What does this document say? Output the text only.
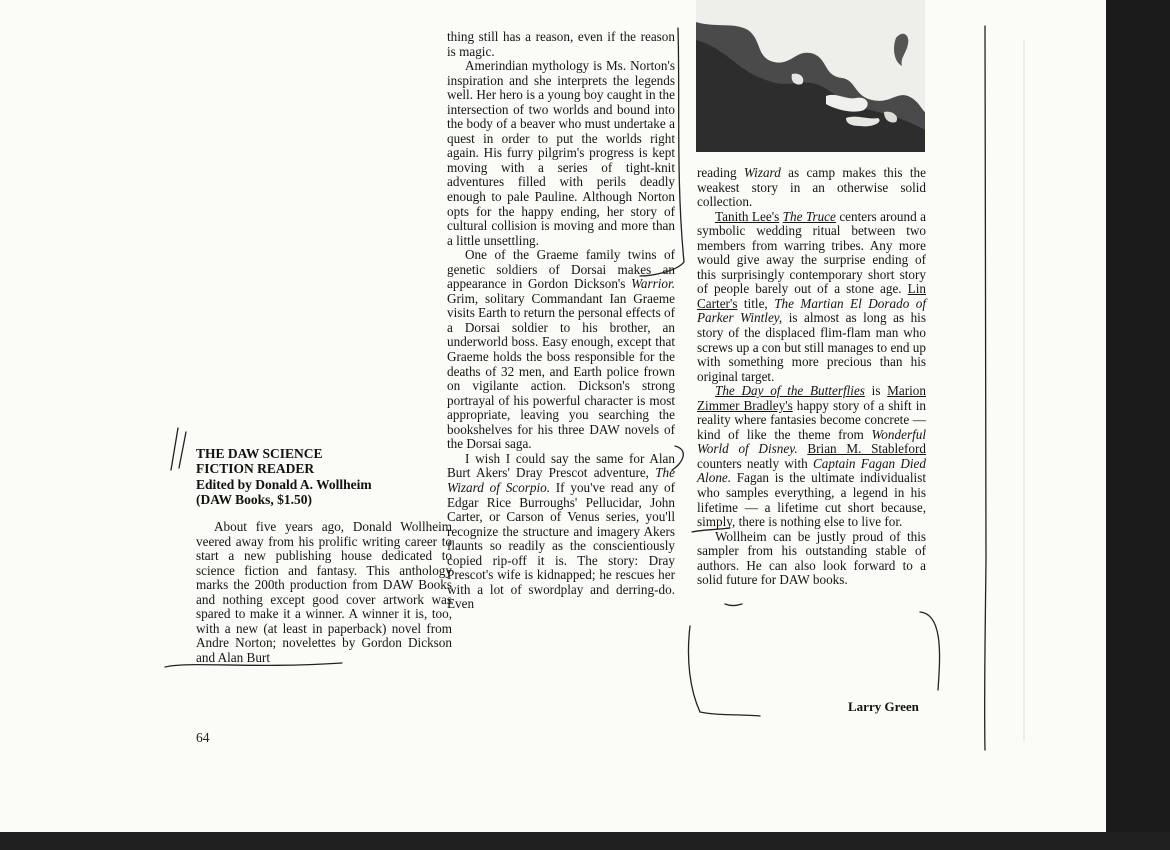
THE DAW SCIENCE
FICTION READER
Edited by Donald A. Wollheim
(DAW Books, $1.50)

About five years ago, Donald Wollheim veered away from his prolific writing career to start a new publishing house dedicated to science fiction and fantasy. This anthology marks the 200th production from DAW Books and nothing except good cover artwork was spared to make it a winner. A winner it is, too, with a new (at least in paperback) novel from Andre Norton; novelettes by Gordon Dickson and Alan Burt

thing still has a reason, even if the reason is magic.

Amerindian mythology is Ms. Norton's inspiration and she interprets the legends well. Her hero is a young boy caught in the intersection of two worlds and bound into the body of a beaver who must undertake a quest in order to put the worlds right again. His furry pilgrim's progress is kept moving with a series of tight-knit adventures filled with perils deadly enough to pale Pauline. Although Norton opts for the happy ending, her story of cultural collision is moving and more than a little unsettling.

One of the Graeme family twins of genetic soldiers of Dorsai makes an appearance in Gordon Dickson's Warrior. Grim, solitary Commandant Ian Graeme visits Earth to return the personal effects of a Dorsai soldier to his brother, an underworld boss. Easy enough, except that Graeme holds the boss responsible for the deaths of 32 men, and Earth police frown on vigilante action. Dickson's strong portrayal of his powerful character is most appropriate, leaving you searching the bookshelves for his three DAW novels of the Dorsai saga.

I wish I could say the same for Alan Burt Akers' Dray Prescot adventure, The Wizard of Scorpio. If you've read any of Edgar Rice Burroughs' Pellucidar, John Carter, or Carson of Venus series, you'll recognize the structure and imagery Akers flaunts so readily as the conscientiously copied rip-off it is. The story: Dray Prescot's wife is kidnapped; he rescues her with a lot of swordplay and derring-do. Even

reading Wizard as camp makes this the weakest story in an otherwise solid collection.

Tanith Lee's The Truce centers around a symbolic wedding ritual between two members from warring tribes. Any more would give away the surprise ending of this surprisingly contemporary short story of people barely out of a stone age. Lin Carter's title, The Martian El Dorado of Parker Wintley, is almost as long as his story of the displaced flim-flam man who screws up a con but still manages to end up with something more precious than his original target.

The Day of the Butterflies is Marion Zimmer Bradley's happy story of a shift in reality where fantasies become concrete — kind of like the theme from Wonderful World of Disney. Brian M. Stableford counters neatly with Captain Fagan Died Alone. Fagan is the ultimate individualist who samples everything, a legend in his lifetime — a lifetime cut short because, simply, there is nothing else to live for.

Wollheim can be justly proud of this sampler from his outstanding stable of authors. He can also look forward to a solid future for DAW books.

Larry Green
64
